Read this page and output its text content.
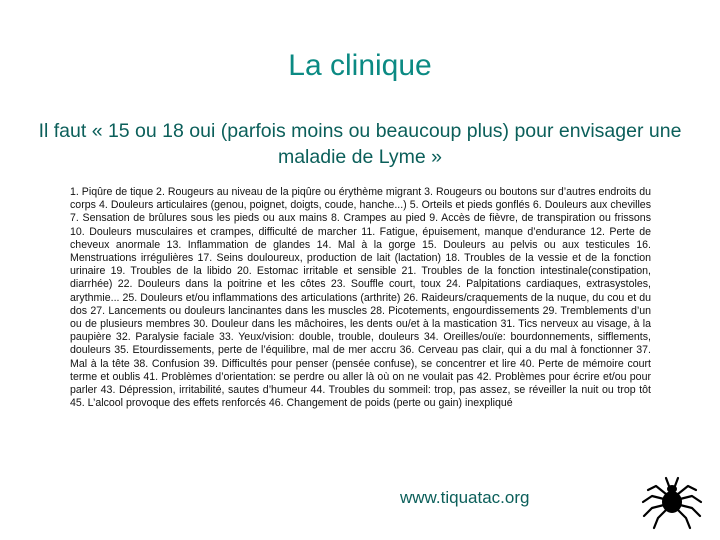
La clinique
Il faut « 15 ou 18 oui (parfois moins ou beaucoup plus) pour envisager une maladie de Lyme »
1. Piqûre de tique 2. Rougeurs au niveau de la piqûre ou érythème migrant 3. Rougeurs ou boutons sur d’autres endroits du corps 4. Douleurs articulaires (genou, poignet, doigts, coude, hanche...) 5. Orteils et pieds gonflés 6. Douleurs aux chevilles 7. Sensation de brûlures sous les pieds ou aux mains 8. Crampes au pied 9. Accès de fièvre, de transpiration ou frissons 10. Douleurs musculaires et crampes, difficulté de marcher 11. Fatigue, épuisement, manque d’endurance 12. Perte de cheveux anormale 13. Inflammation de glandes 14. Mal à la gorge 15. Douleurs au pelvis ou aux testicules 16. Menstruations irrégulières 17. Seins douloureux, production de lait (lactation) 18. Troubles de la vessie et de la fonction urinaire 19. Troubles de la libido 20. Estomac irritable et sensible 21. Troubles de la fonction intestinale(constipation, diarrhée) 22. Douleurs dans la poitrine et les côtes 23. Souffle court, toux 24. Palpitations cardiaques, extrasystoles, arythmie... 25. Douleurs et/ou inflammations des articulations (arthrite) 26. Raideurs/craquements de la nuque, du cou et du dos 27. Lancements ou douleurs lancinantes dans les muscles 28. Picotements, engourdissements 29. Tremblements d’un ou de plusieurs membres 30. Douleur dans les mâchoires, les dents ou/et à la mastication 31. Tics nerveux au visage, à la paupière 32. Paralysie faciale 33. Yeux/vision: double, trouble, douleurs 34. Oreilles/ouïe: bourdonnements, sifflements, douleurs 35. Etourdissements, perte de l’équilibre, mal de mer accru 36. Cerveau pas clair, qui a du mal à fonctionner 37. Mal à la tête 38. Confusion 39. Difficultés pour penser (pensée confuse), se concentrer et lire 40. Perte de mémoire court terme et oublis 41. Problèmes d’orientation: se perdre ou aller là où on ne voulait pas 42. Problèmes pour écrire et/ou pour parler 43. Dépression, irritabilité, sautes d’humeur 44. Troubles du sommeil: trop, pas assez, se réveiller la nuit ou trop tôt 45. L’alcool provoque des effets renforcés 46. Changement de poids (perte ou gain) inexpliqué
www.tiquatac.org
